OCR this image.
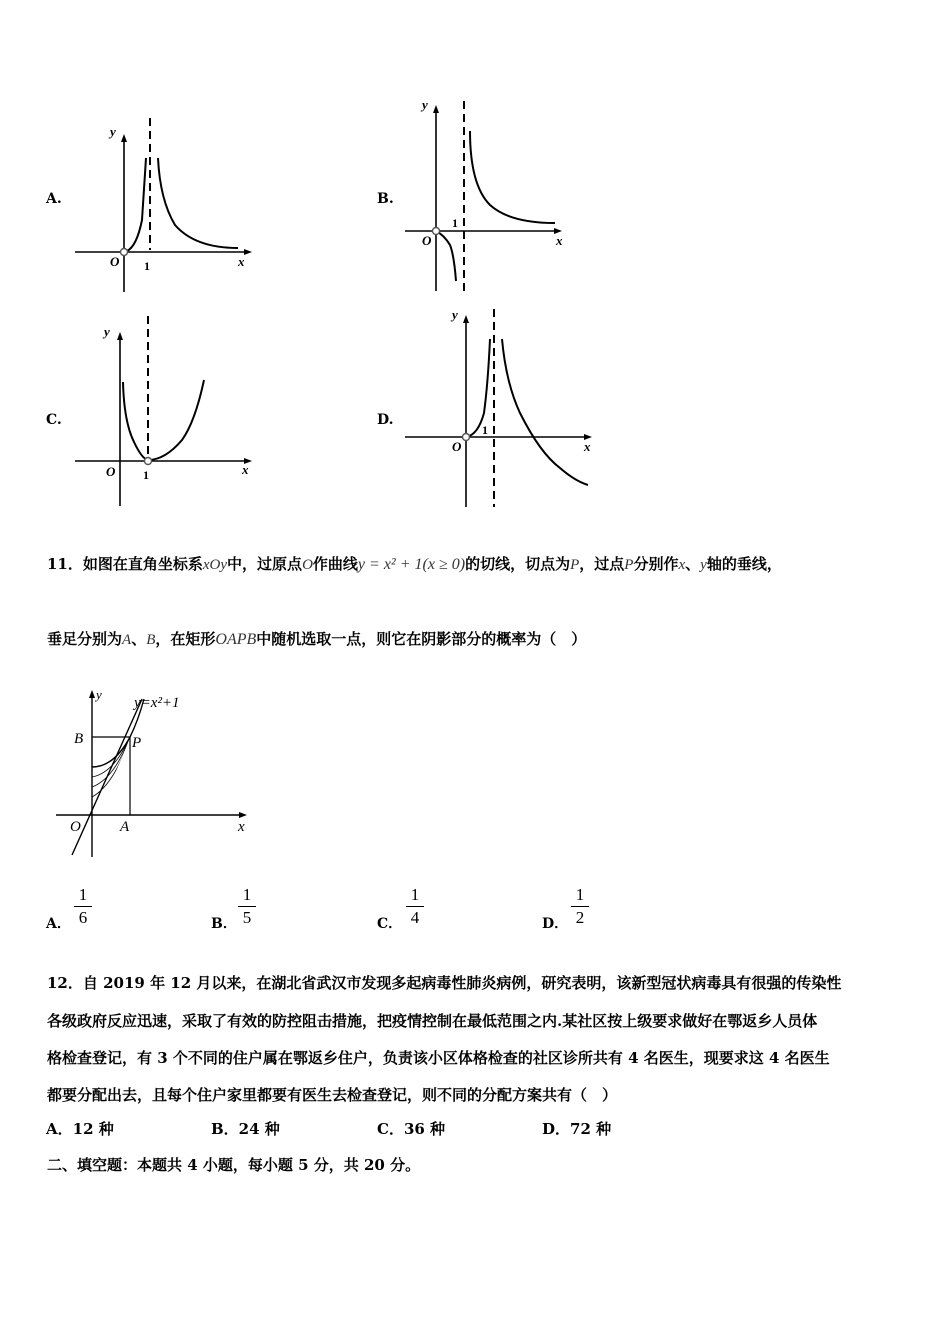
A.
y
x
O 1
B.
y
x
O
1
C.
y
x
O 1
D.
y
x
O
1
11．如图在直角坐标系xOy中，过原点O作曲线y = x² + 1(x ≥ 0)的切线，切点为P，过点P分别作x、y轴的垂线，
垂足分别为A、B，在矩形OAPB中随机选取一点，则它在阴影部分的概率为（　）
y=x²+1
B	P
O	A	x
y
A．
1
6	B．
1
5	C．
1
4	D．
1
2
12．自 2019 年 12 月以来，在湖北省武汉市发现多起病毒性肺炎病例，研究表明，该新型冠状病毒具有很强的传染性
各级政府反应迅速，采取了有效的防控阻击措施，把疫情控制在最低范围之内.某社区按上级要求做好在鄂返乡人员体
格检查登记，有 3 个不同的住户属在鄂返乡住户，负责该小区体格检查的社区诊所共有 4 名医生，现要求这 4 名医生
都要分配出去，且每个住户家里都要有医生去检查登记，则不同的分配方案共有（　）
A．12 种	B．24 种	C．36 种	D．72 种
二、填空题：本题共 4 小题，每小题 5 分，共 20 分。
